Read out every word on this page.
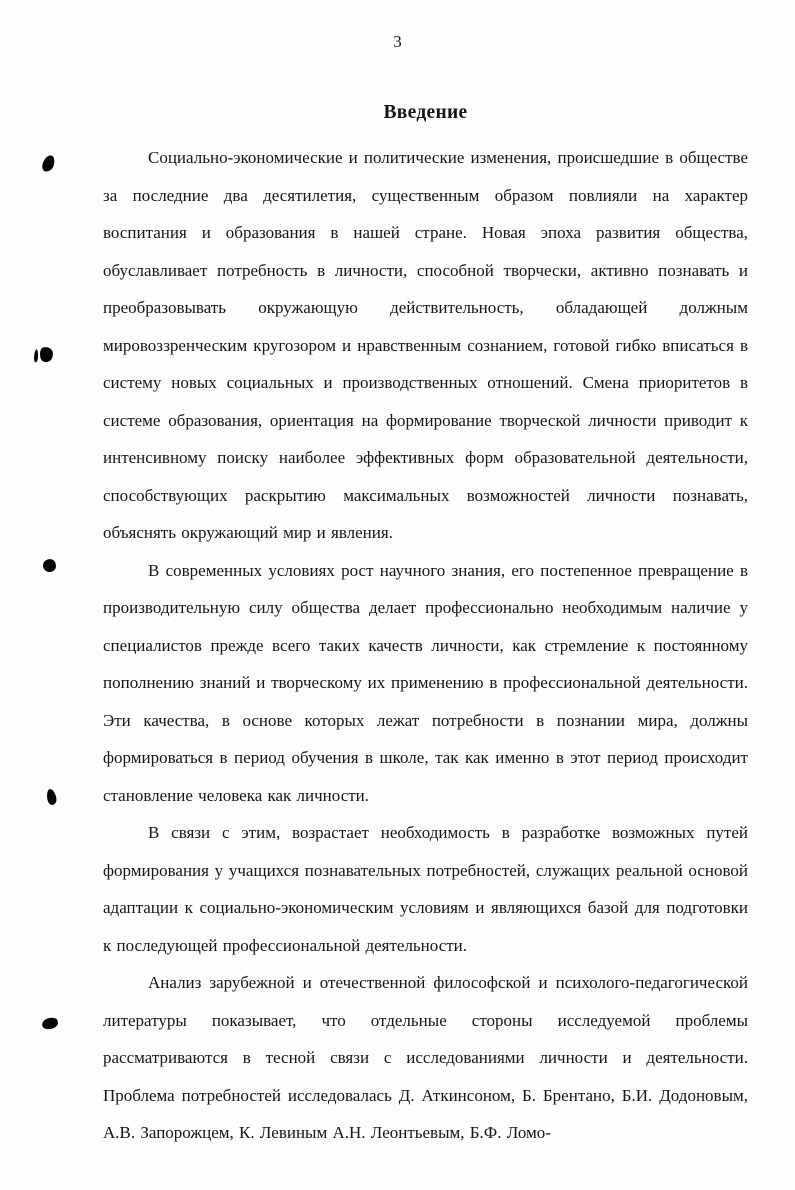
3
Введение

Социально-экономические и политические изменения, происшедшие в обществе за последние два десятилетия, существенным образом повлияли на характер воспитания и образования в нашей стране. Новая эпоха развития общества, обуславливает потребность в личности, способной творчески, активно познавать и преобразовывать окружающую действительность, обладающей должным мировоззренческим кругозором и нравственным сознанием, готовой гибко вписаться в систему новых социальных и производственных отношений. Смена приоритетов в системе образования, ориентация на формирование творческой личности приводит к интенсивному поиску наиболее эффективных форм образовательной деятельности, способствующих раскрытию максимальных возможностей личности познавать, объяснять окружающий мир и явления.

В современных условиях рост научного знания, его постепенное превращение в производительную силу общества делает профессионально необходимым наличие у специалистов прежде всего таких качеств личности, как стремление к постоянному пополнению знаний и творческому их применению в профессиональной деятельности. Эти качества, в основе которых лежат потребности в познании мира, должны формироваться в период обучения в школе, так как именно в этот период происходит становление человека как личности.

В связи с этим, возрастает необходимость в разработке возможных путей формирования у учащихся познавательных потребностей, служащих реальной основой адаптации к социально-экономическим условиям и являющихся базой для подготовки к последующей профессиональной деятельности.

Анализ зарубежной и отечественной философской и психолого-педагогической литературы показывает, что отдельные стороны исследуемой проблемы рассматриваются в тесной связи с исследованиями личности и деятельности. Проблема потребностей исследовалась Д. Аткинсоном, Б. Брентано, Б.И. Додоновым, А.В. Запорожцем, К. Левиным А.Н. Леонтьевым, Б.Ф. Ломо-
